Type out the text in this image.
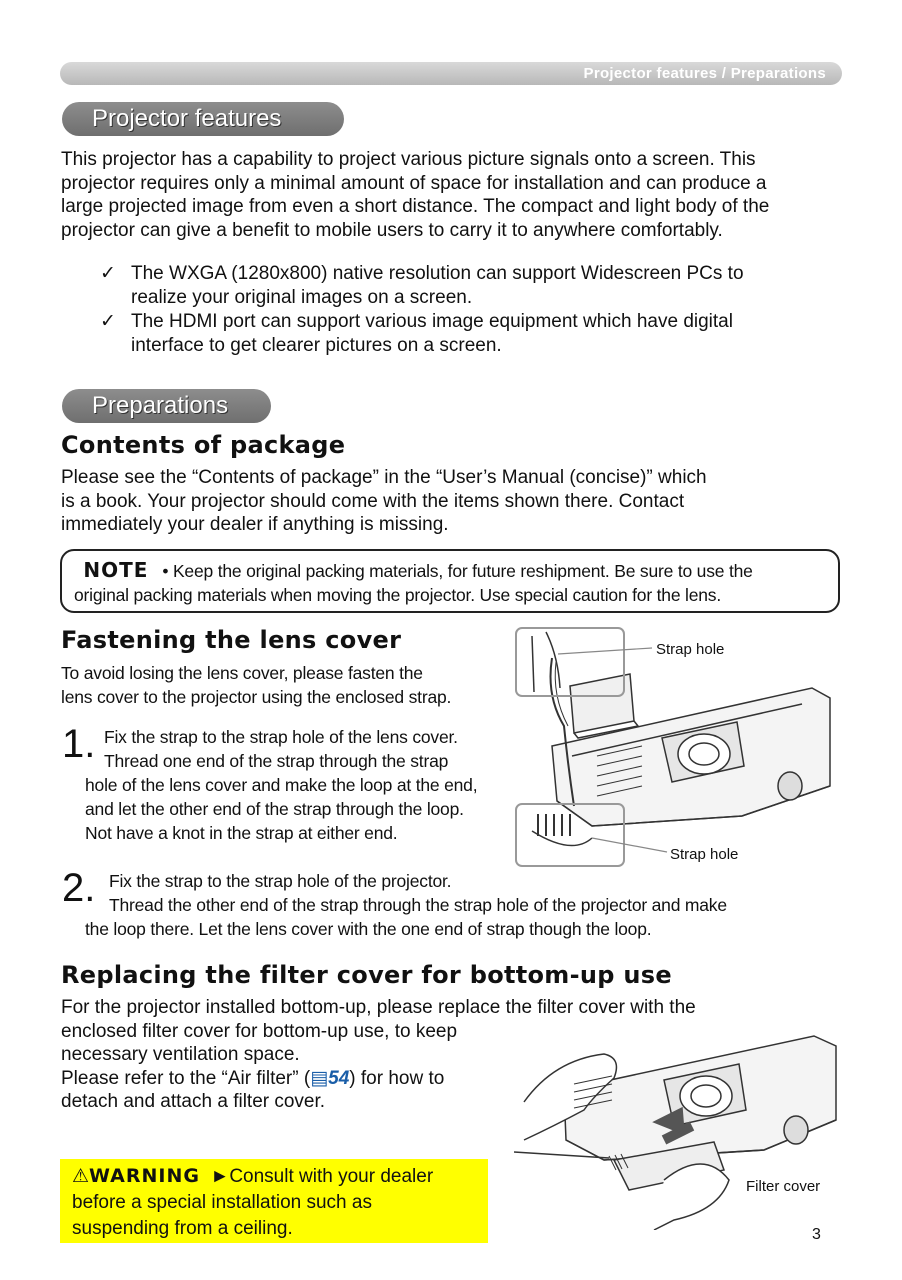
Projector features / Preparations
Projector features
This projector has a capability to project various picture signals onto a screen. This
projector requires only a minimal amount of space for installation and can produce a
large projected image from even a short distance. The compact and light body of the
projector can give a benefit to mobile users to carry it to anywhere comfortably.
✓ The WXGA (1280x800) native resolution can support Widescreen PCs to
realize your original images on a screen.
✓ The HDMI port can support various image equipment which have digital
interface to get clearer pictures on a screen.
Preparations
Contents of package
Please see the “Contents of package” in the “User’s Manual (concise)” which
is a book. Your projector should come with the items shown there. Contact
immediately your dealer if anything is missing.
NOTE • Keep the original packing materials, for future reshipment. Be sure to use the
original packing materials when moving the projector. Use special caution for the lens.
Fastening the lens cover
To avoid losing the lens cover, please fasten the
lens cover to the projector using the enclosed strap.
1. Fix the strap to the strap hole of the lens cover.
Thread one end of the strap through the strap
hole of the lens cover and make the loop at the end,
and let the other end of the strap through the loop.
Not have a knot in the strap at either end.
Strap hole
Strap hole
2. Fix the strap to the strap hole of the projector.
Thread the other end of the strap through the strap hole of the projector and make
the loop there. Let the lens cover with the one end of strap though the loop.
Replacing the filter cover for bottom-up use
For the projector installed bottom-up, please replace the filter cover with the
enclosed filter cover for bottom-up use, to keep
necessary ventilation space.
Please refer to the “Air filter” (▤54) for how to
detach and attach a filter cover.
Filter cover
⚠WARNING ►Consult with your dealer
before a special installation such as
suspending from a ceiling.	3
